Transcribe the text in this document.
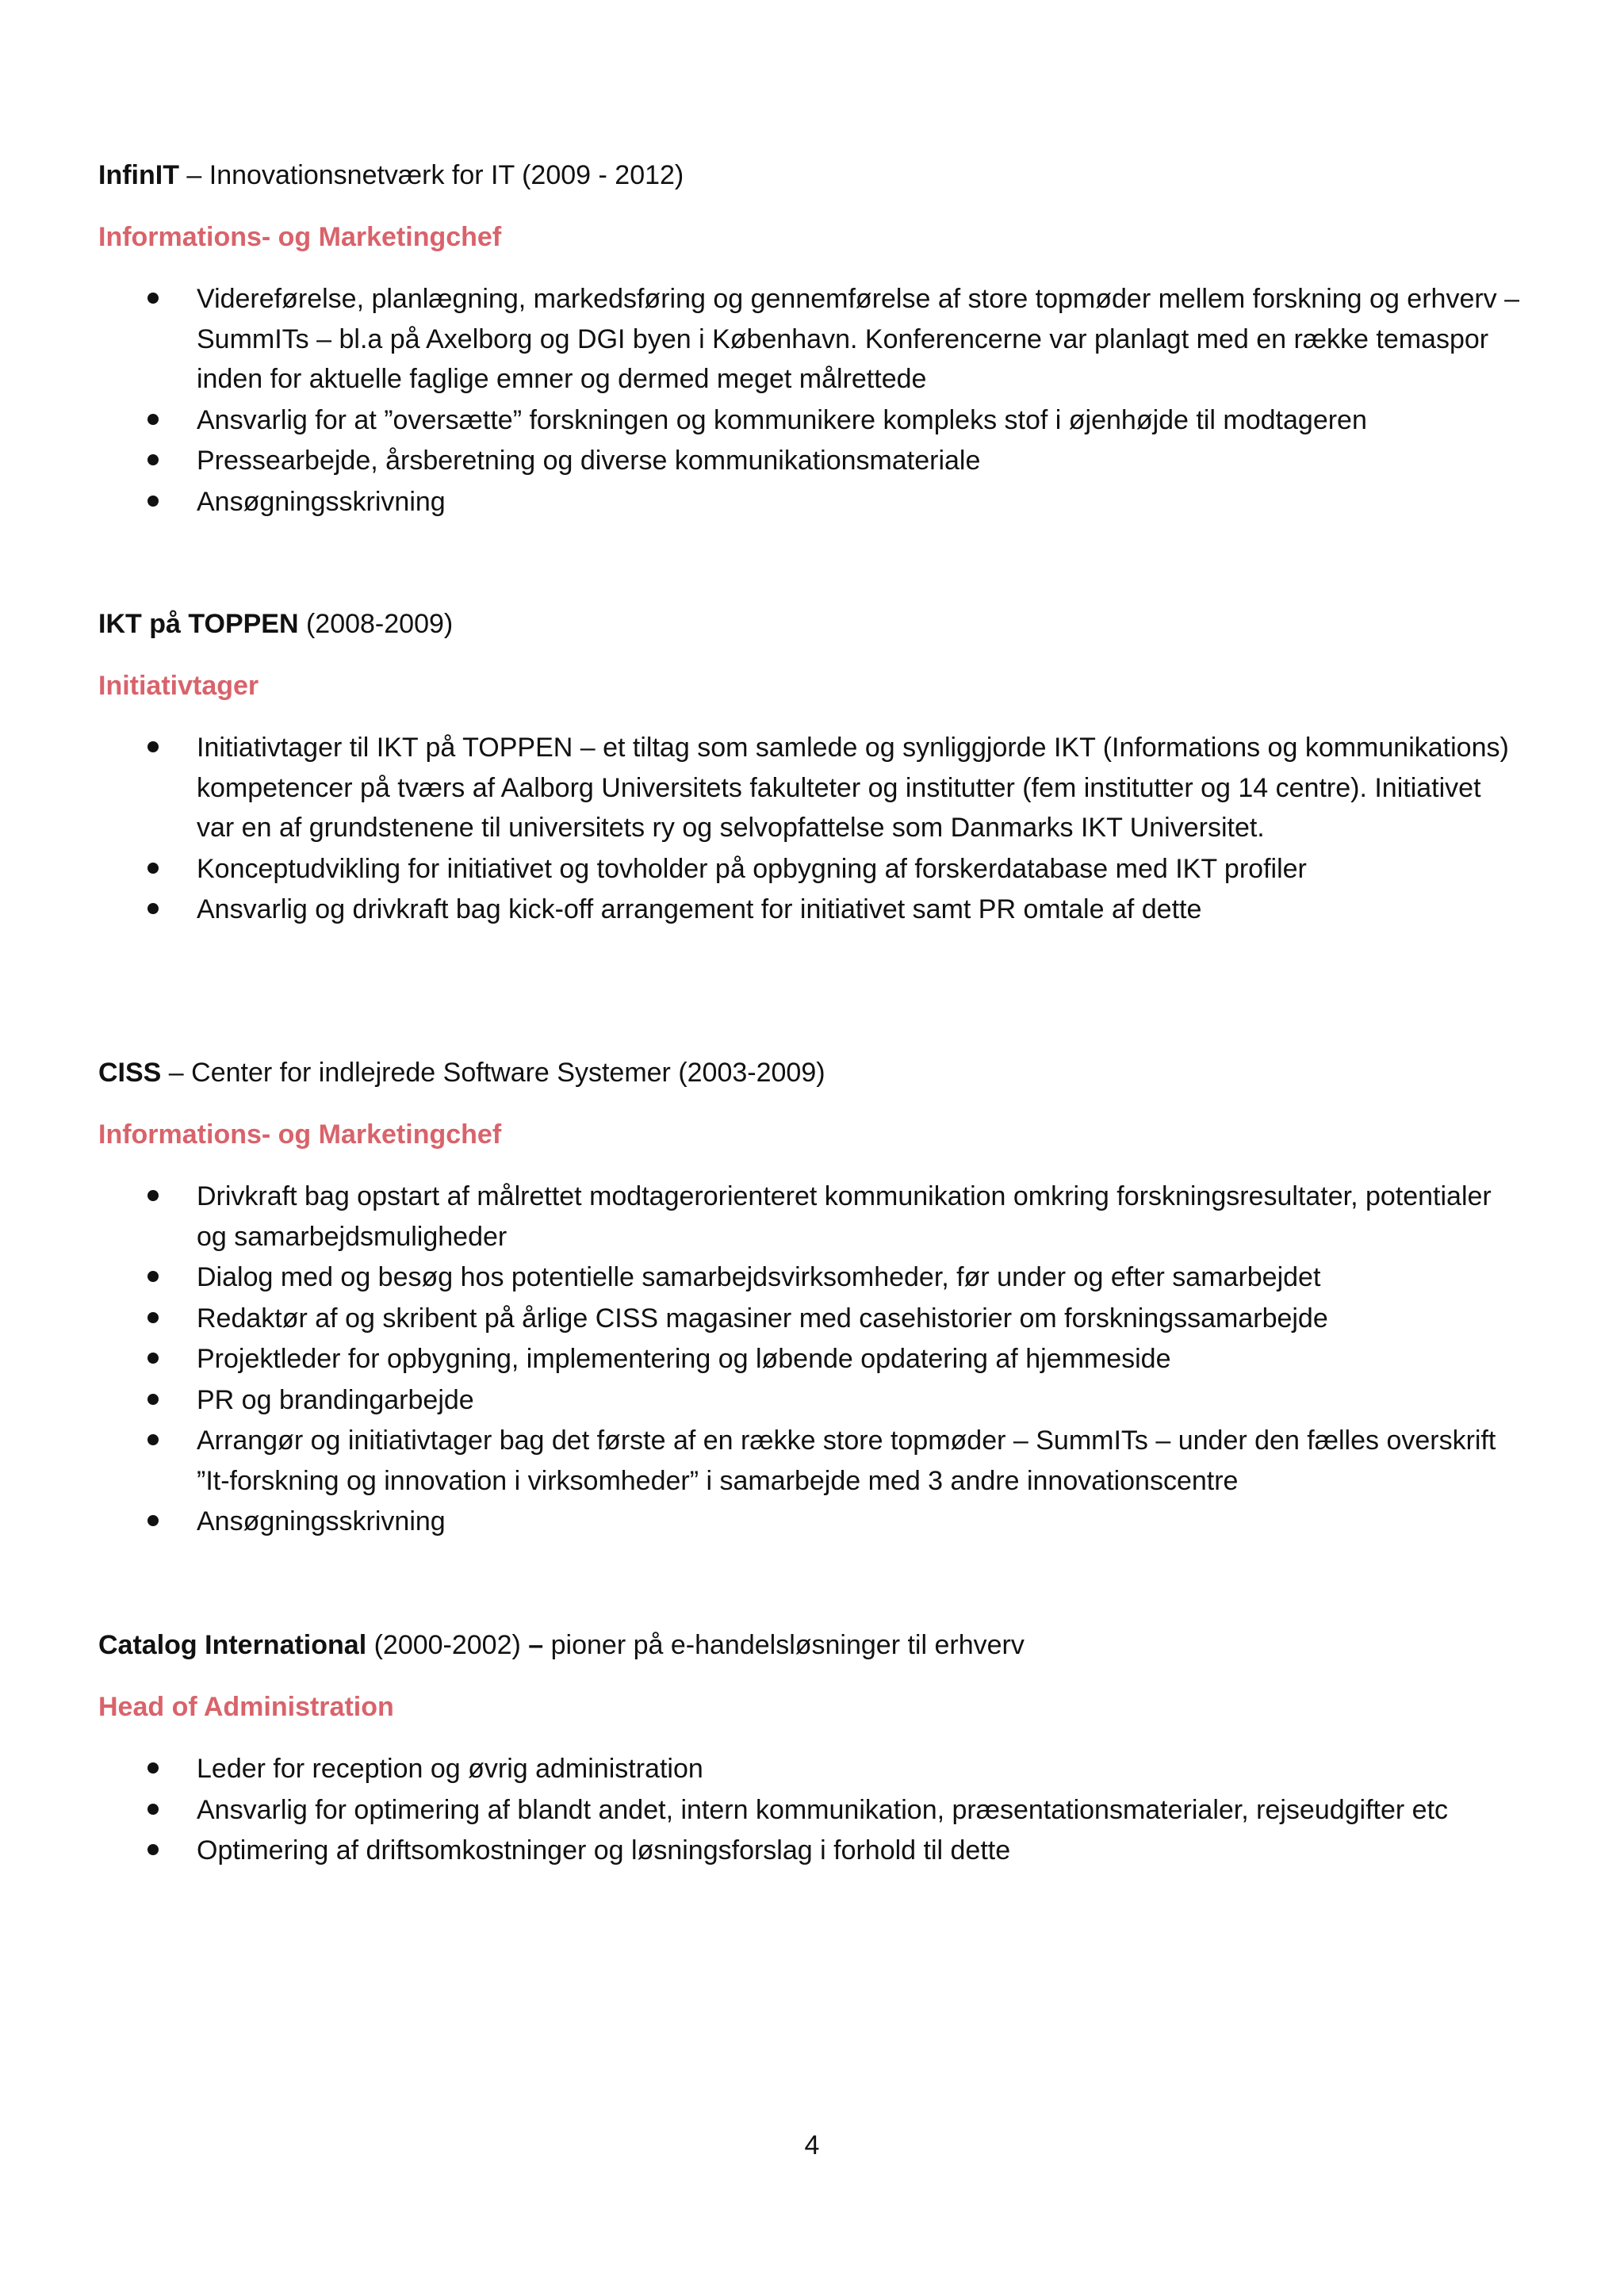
InfinIT – Innovationsnetværk for IT (2009 - 2012)

Informations- og Marketingchef

Videreførelse, planlægning, markedsføring og gennemførelse af store topmøder mellem forskning og erhverv – SummITs – bl.a på Axelborg og DGI byen i København. Konferencerne var planlagt med en række temaspor inden for aktuelle faglige emner og dermed meget målrettede
Ansvarlig for at ”oversætte” forskningen og kommunikere kompleks stof i øjenhøjde til modtageren
Pressearbejde, årsberetning og diverse kommunikationsmateriale
Ansøgningsskrivning

IKT på TOPPEN (2008-2009)

Initiativtager

Initiativtager til IKT på TOPPEN – et tiltag som samlede og synliggjorde IKT (Informations og kommunikations) kompetencer på tværs af Aalborg Universitets fakulteter og institutter (fem institutter og 14 centre). Initiativet var en af grundstenene til universitets ry og selvopfattelse som Danmarks IKT Universitet.
Konceptudvikling for initiativet og tovholder på opbygning af forskerdatabase med IKT profiler
Ansvarlig og drivkraft bag kick-off arrangement for initiativet samt PR omtale af dette

CISS – Center for indlejrede Software Systemer (2003-2009)

Informations- og Marketingchef

Drivkraft bag opstart af målrettet modtagerorienteret kommunikation omkring forskningsresultater, potentialer og samarbejdsmuligheder
Dialog med og besøg hos potentielle samarbejdsvirksomheder, før under og efter samarbejdet
Redaktør af og skribent på årlige CISS magasiner med casehistorier om forskningssamarbejde
Projektleder for opbygning, implementering og løbende opdatering af hjemmeside
PR og brandingarbejde
Arrangør og initiativtager bag det første af en række store topmøder – SummITs – under den fælles overskrift ”It-forskning og innovation i virksomheder” i samarbejde med 3 andre innovationscentre
Ansøgningsskrivning

Catalog International (2000-2002) – pioner på e-handelsløsninger til erhverv

Head of Administration

Leder for reception og øvrig administration
Ansvarlig for optimering af blandt andet, intern kommunikation, præsentationsmaterialer, rejseudgifter etc
Optimering af driftsomkostninger og løsningsforslag i forhold til dette
4
